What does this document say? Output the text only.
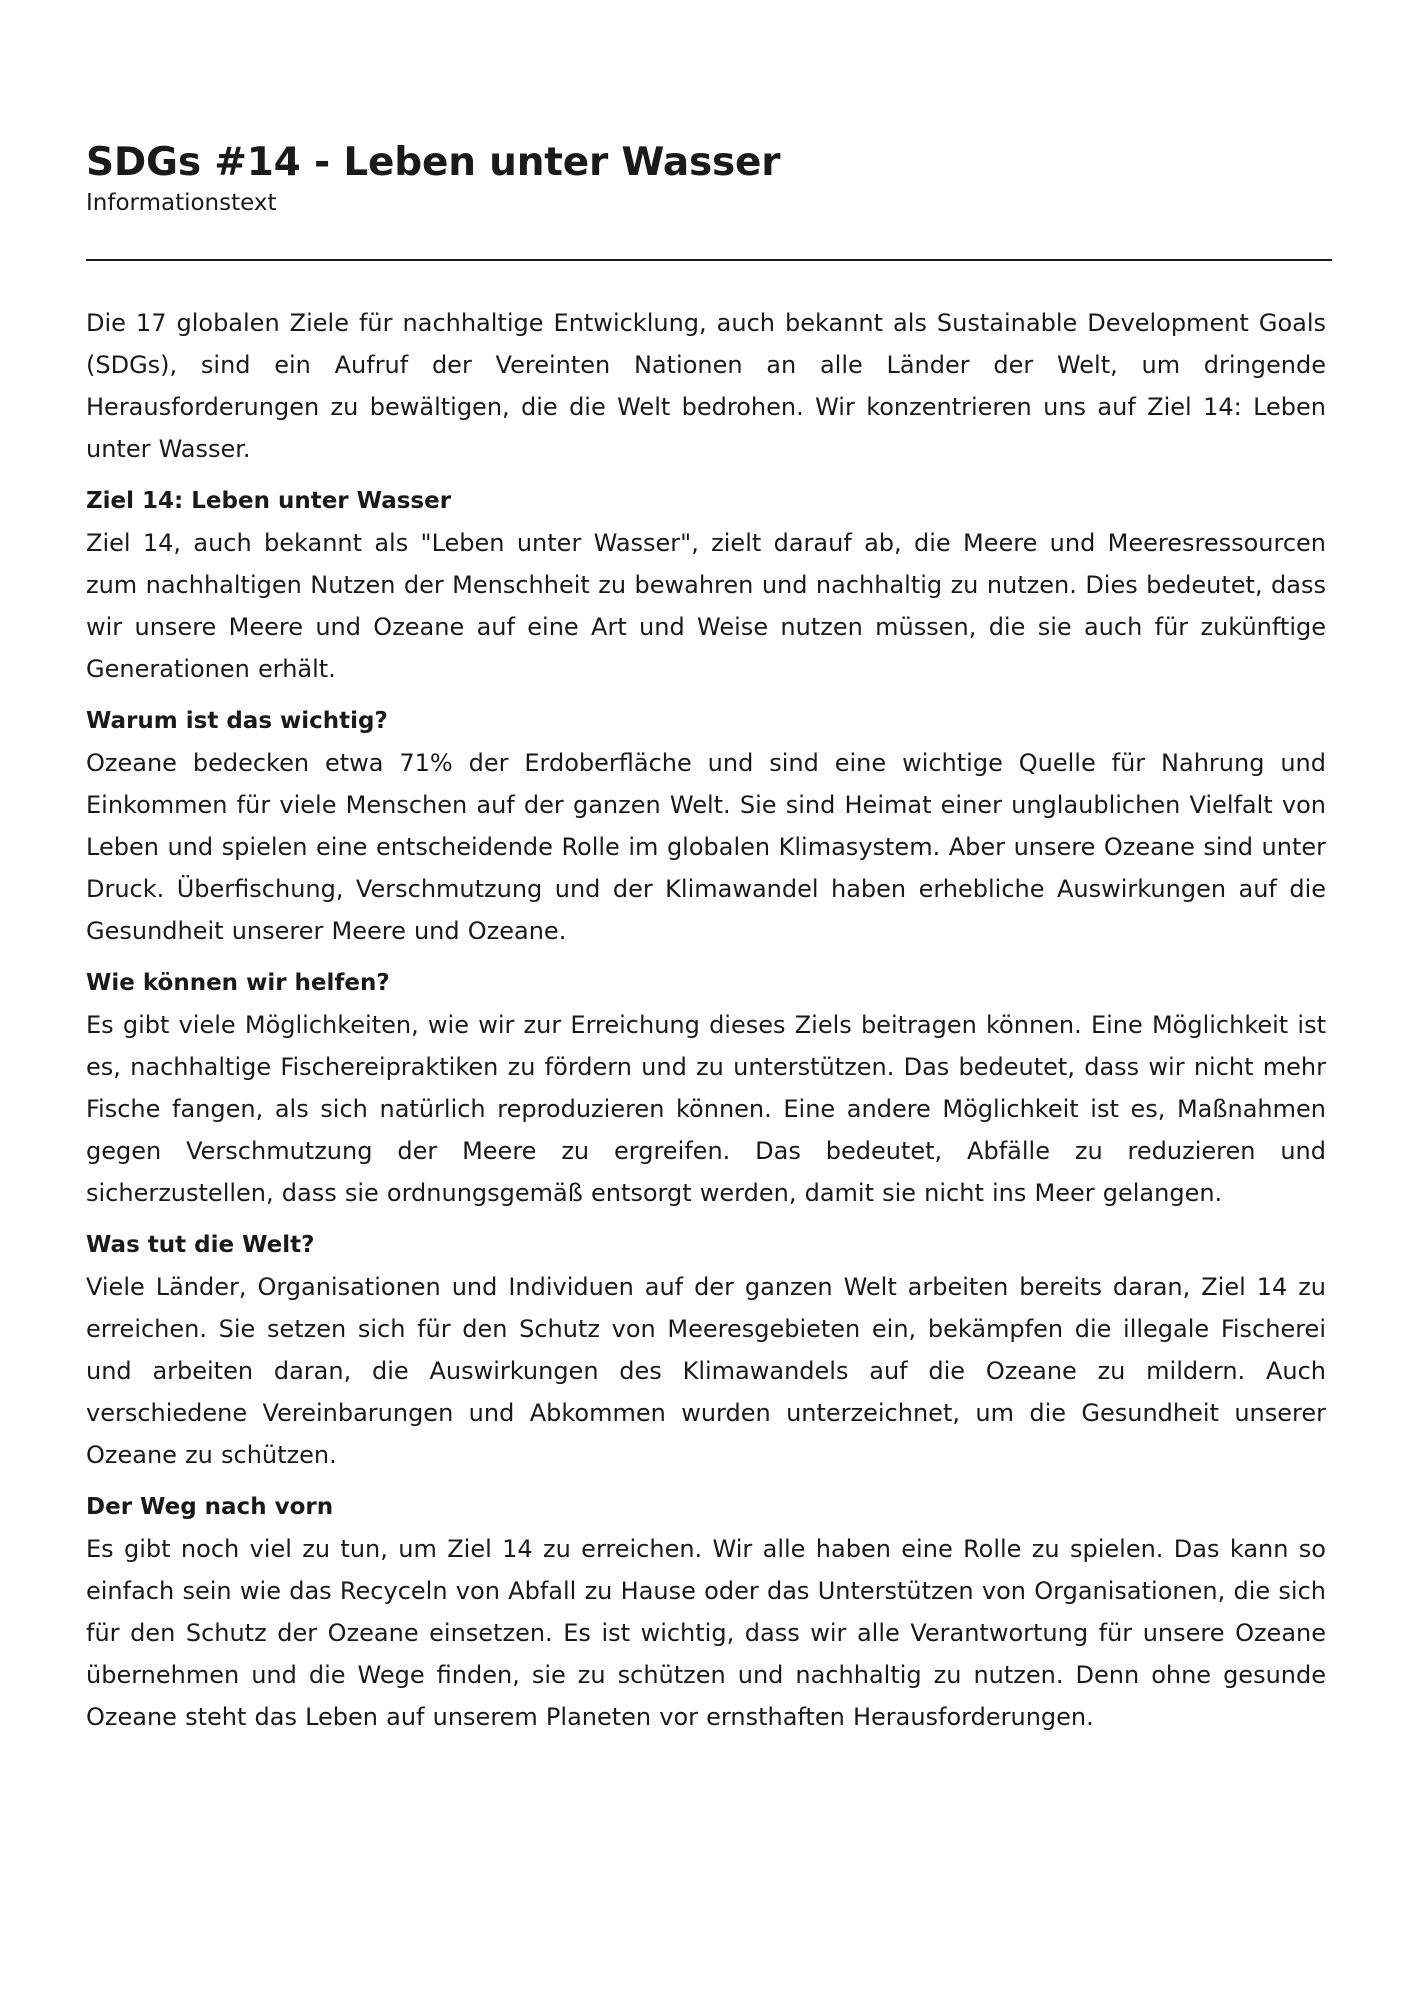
SDGs #14 - Leben unter Wasser

Informationstext

Die 17 globalen Ziele für nachhaltige Entwicklung, auch bekannt als Sustainable Development Goals (SDGs), sind ein Aufruf der Vereinten Nationen an alle Länder der Welt, um dringende Herausforderungen zu bewältigen, die die Welt bedrohen. Wir konzentrieren uns auf Ziel 14: Leben unter Wasser.

Ziel 14: Leben unter Wasser

Ziel 14, auch bekannt als "Leben unter Wasser", zielt darauf ab, die Meere und Meeresressourcen zum nachhaltigen Nutzen der Menschheit zu bewahren und nachhaltig zu nutzen. Dies bedeutet, dass wir unsere Meere und Ozeane auf eine Art und Weise nutzen müssen, die sie auch für zukünftige Generationen erhält.

Warum ist das wichtig?

Ozeane bedecken etwa 71% der Erdoberfläche und sind eine wichtige Quelle für Nahrung und Einkommen für viele Menschen auf der ganzen Welt. Sie sind Heimat einer unglaublichen Vielfalt von Leben und spielen eine entscheidende Rolle im globalen Klimasystem. Aber unsere Ozeane sind unter Druck. Überfischung, Verschmutzung und der Klimawandel haben erhebliche Auswirkungen auf die Gesundheit unserer Meere und Ozeane.

Wie können wir helfen?

Es gibt viele Möglichkeiten, wie wir zur Erreichung dieses Ziels beitragen können. Eine Möglichkeit ist es, nachhaltige Fischereipraktiken zu fördern und zu unterstützen. Das bedeutet, dass wir nicht mehr Fische fangen, als sich natürlich reproduzieren können. Eine andere Möglichkeit ist es, Maßnahmen gegen Verschmutzung der Meere zu ergreifen. Das bedeutet, Abfälle zu reduzieren und sicherzustellen, dass sie ordnungsgemäß entsorgt werden, damit sie nicht ins Meer gelangen.

Was tut die Welt?

Viele Länder, Organisationen und Individuen auf der ganzen Welt arbeiten bereits daran, Ziel 14 zu erreichen. Sie setzen sich für den Schutz von Meeresgebieten ein, bekämpfen die illegale Fischerei und arbeiten daran, die Auswirkungen des Klimawandels auf die Ozeane zu mildern. Auch verschiedene Vereinbarungen und Abkommen wurden unterzeichnet, um die Gesundheit unserer Ozeane zu schützen.

Der Weg nach vorn

Es gibt noch viel zu tun, um Ziel 14 zu erreichen. Wir alle haben eine Rolle zu spielen. Das kann so einfach sein wie das Recyceln von Abfall zu Hause oder das Unterstützen von Organisationen, die sich für den Schutz der Ozeane einsetzen. Es ist wichtig, dass wir alle Verantwortung für unsere Ozeane übernehmen und die Wege finden, sie zu schützen und nachhaltig zu nutzen. Denn ohne gesunde Ozeane steht das Leben auf unserem Planeten vor ernsthaften Herausforderungen.
